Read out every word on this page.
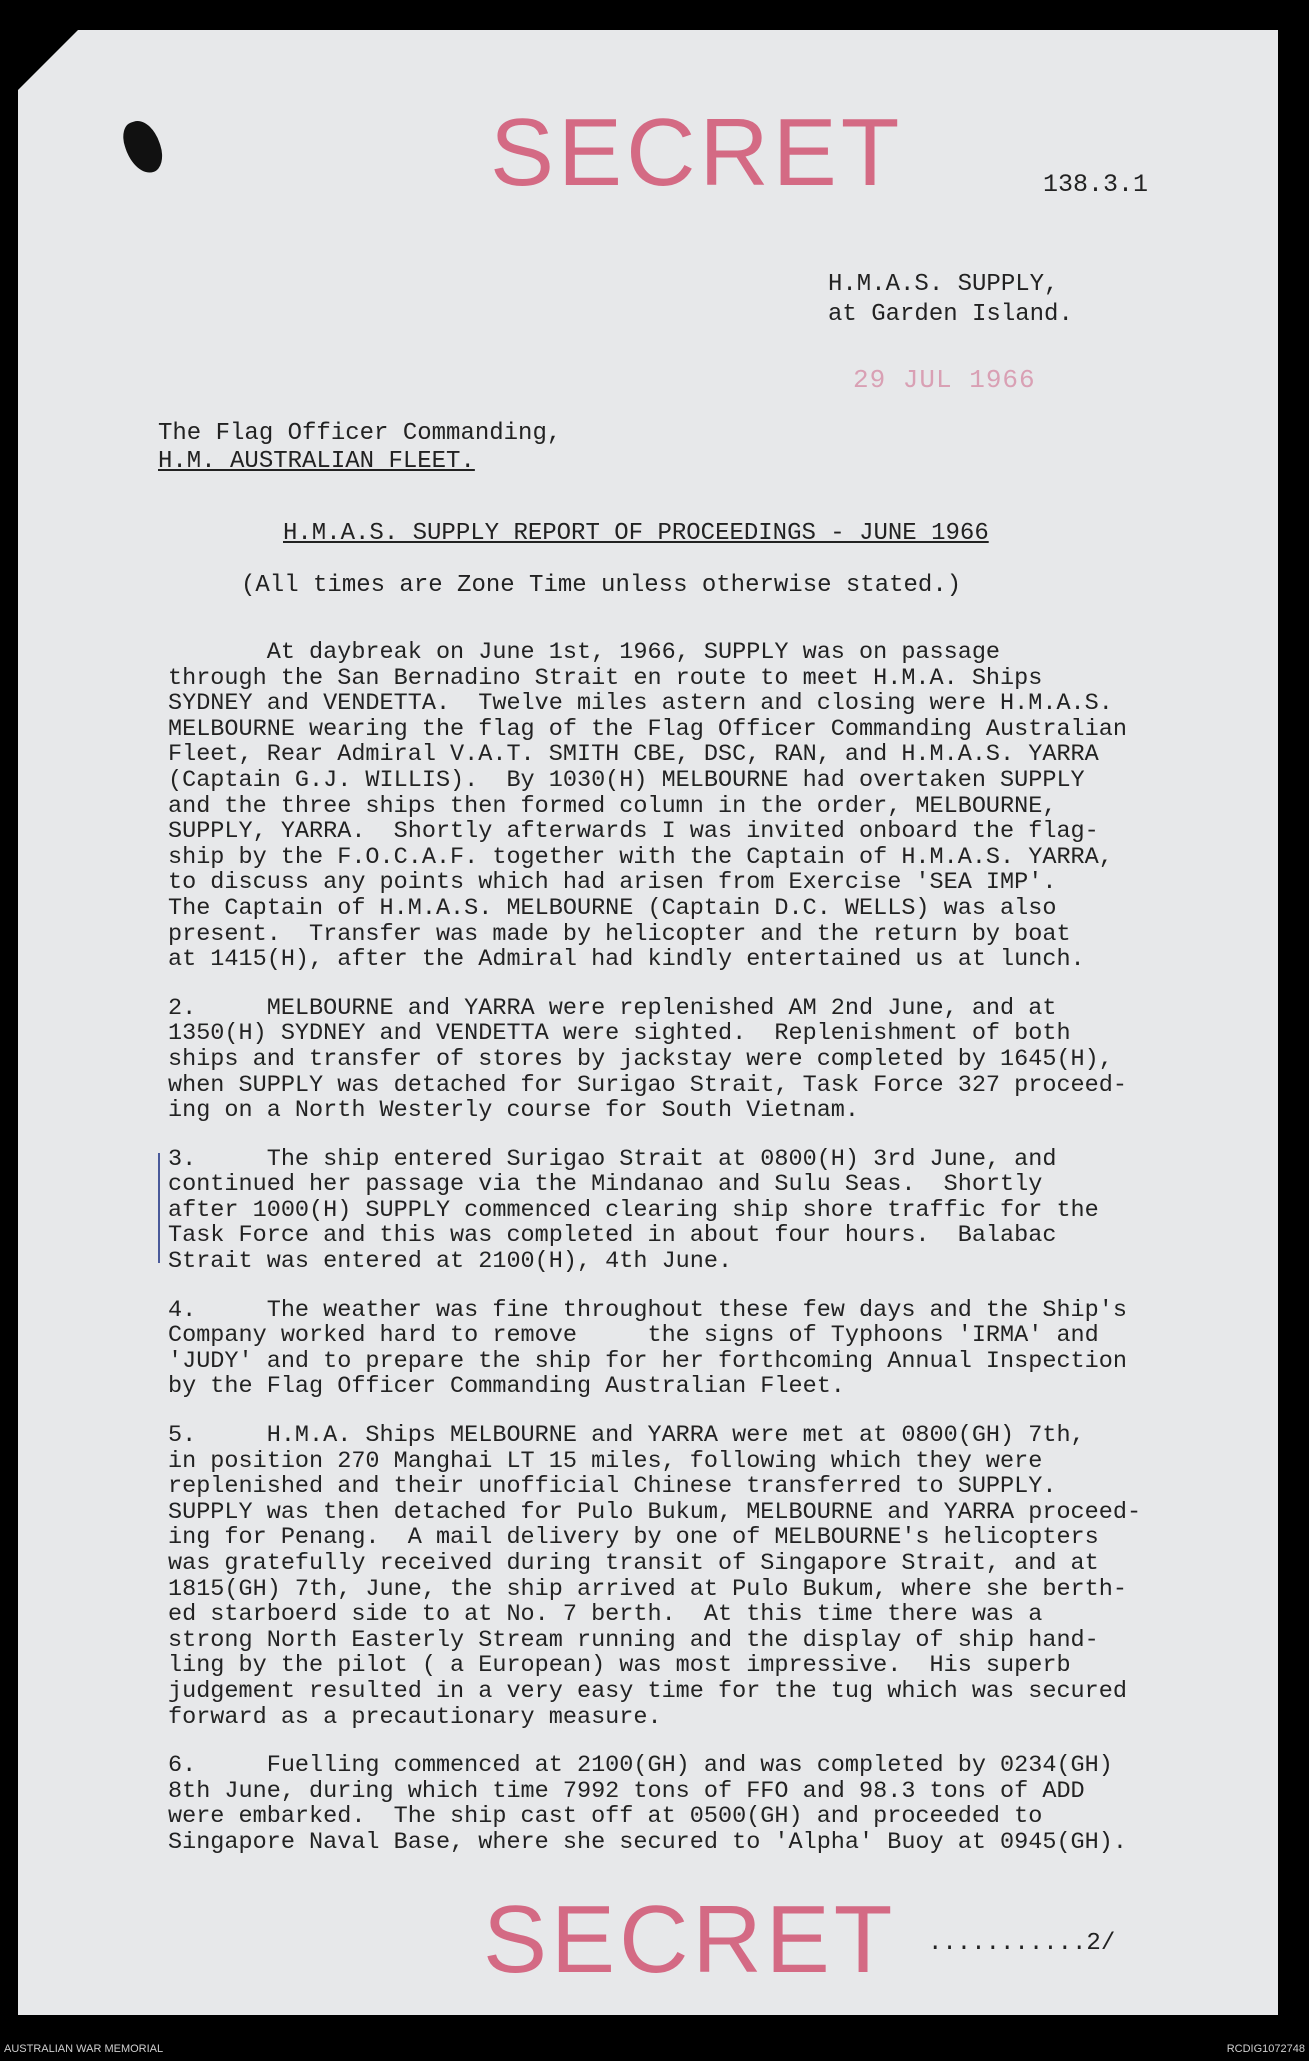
SECRET	138.3.1
H.M.A.S. SUPPLY,
at Garden Island.
29 JUL 1966
The Flag Officer Commanding,
H.M. AUSTRALIAN FLEET.
H.M.A.S. SUPPLY REPORT OF PROCEEDINGS - JUNE 1966
(All times are Zone Time unless otherwise stated.)

At daybreak on June 1st, 1966, SUPPLY was on passage
through the San Bernadino Strait en route to meet H.M.A. Ships
SYDNEY and VENDETTA.  Twelve miles astern and closing were H.M.A.S.
MELBOURNE wearing the flag of the Flag Officer Commanding Australian
Fleet, Rear Admiral V.A.T. SMITH CBE, DSC, RAN, and H.M.A.S. YARRA
(Captain G.J. WILLIS).  By 1030(H) MELBOURNE had overtaken SUPPLY
and the three ships then formed column in the order, MELBOURNE,
SUPPLY, YARRA.  Shortly afterwards I was invited onboard the flag-
ship by the F.O.C.A.F. together with the Captain of H.M.A.S. YARRA,
to discuss any points which had arisen from Exercise 'SEA IMP'.
The Captain of H.M.A.S. MELBOURNE (Captain D.C. WELLS) was also
present.  Transfer was made by helicopter and the return by boat
at 1415(H), after the Admiral had kindly entertained us at lunch.

2.     MELBOURNE and YARRA were replenished AM 2nd June, and at
1350(H) SYDNEY and VENDETTA were sighted.  Replenishment of both
ships and transfer of stores by jackstay were completed by 1645(H),
when SUPPLY was detached for Surigao Strait, Task Force 327 proceed-
ing on a North Westerly course for South Vietnam.

3.     The ship entered Surigao Strait at 0800(H) 3rd June, and
continued her passage via the Mindanao and Sulu Seas.  Shortly
after 1000(H) SUPPLY commenced clearing ship shore traffic for the
Task Force and this was completed in about four hours.  Balabac
Strait was entered at 2100(H), 4th June.

4.     The weather was fine throughout these few days and the Ship's
Company worked hard to remove     the signs of Typhoons 'IRMA' and
'JUDY' and to prepare the ship for her forthcoming Annual Inspection
by the Flag Officer Commanding Australian Fleet.

5.     H.M.A. Ships MELBOURNE and YARRA were met at 0800(GH) 7th,
in position 270 Manghai LT 15 miles, following which they were
replenished and their unofficial Chinese transferred to SUPPLY.
SUPPLY was then detached for Pulo Bukum, MELBOURNE and YARRA proceed-
ing for Penang.  A mail delivery by one of MELBOURNE's helicopters
was gratefully received during transit of Singapore Strait, and at
1815(GH) 7th, June, the ship arrived at Pulo Bukum, where she berth-
ed starboerd side to at No. 7 berth.  At this time there was a
strong North Easterly Stream running and the display of ship hand-
ling by the pilot ( a European) was most impressive.  His superb
judgement resulted in a very easy time for the tug which was secured
forward as a precautionary measure.

6.     Fuelling commenced at 2100(GH) and was completed by 0234(GH)
8th June, during which time 7992 tons of FFO and 98.3 tons of ADD
were embarked.  The ship cast off at 0500(GH) and proceeded to
Singapore Naval Base, where she secured to 'Alpha' Buoy at 0945(GH).

SECRET ...........2/
AUSTRALIAN WAR MEMORIAL	RCDIG1072748
